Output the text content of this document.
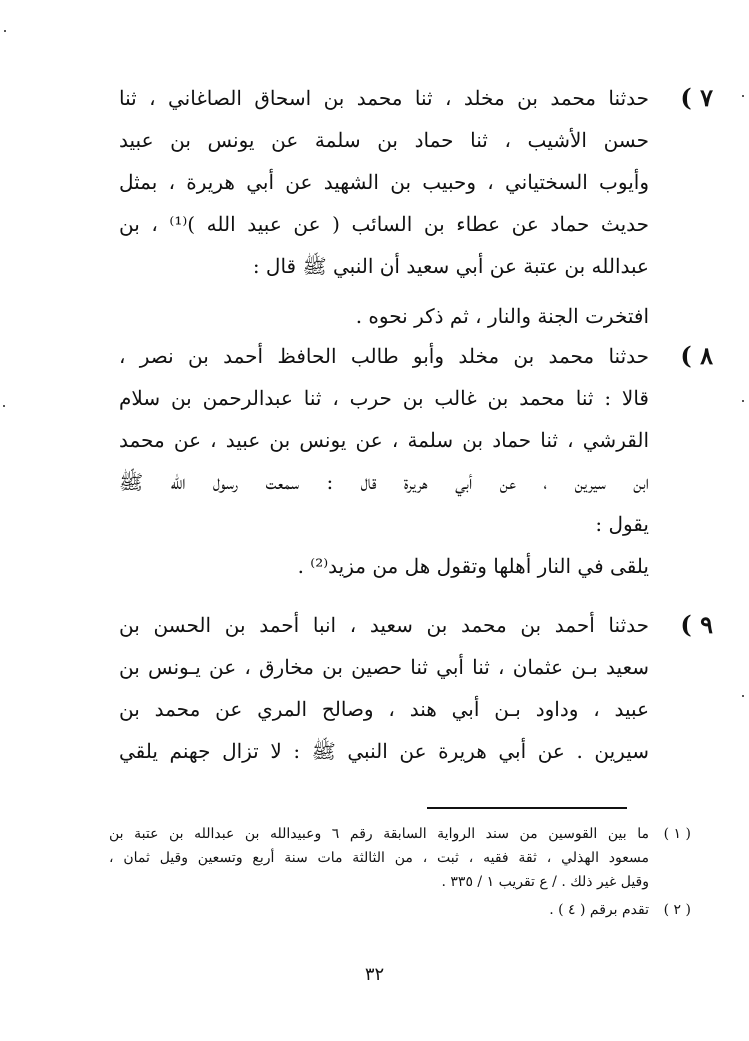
٧ )
حدثنا محمد بن مخلد ، ثنا محمد بن اسحاق الصاغاني ، ثنا
حسن الأشيب ، ثنا حماد بن سلمة عن يونس بن عبيد
وأيوب السختياني ، وحبيب بن الشهيد عن أبي هريرة ، بمثل
حديث حماد عن عطاء بن السائب ( عن عبيد الله )⁽¹⁾ ، بن
عبدالله بن عتبة عن أبي سعيد أن النبي ﷺ قال :
افتخرت الجنة والنار ، ثم ذكر نحوه .
٨ )
حدثنا محمد بن مخلد وأبو طالب الحافظ أحمد بن نصر ،
قالا : ثنا محمد بن غالب بن حرب ، ثنا عبدالرحمن بن سلام
القرشي ، ثنا حماد بن سلمة ، عن يونس بن عبيد ، عن محمد
ابن سيرين ، عن أبي هريرة قال : سمعت رسول الله ﷺ
يقول :
يلقى في النار أهلها وتقول هل من مزيد⁽²⁾ .
٩ )
حدثنا أحمد بن محمد بن سعيد ، انبا أحمد بن الحسن بن
سعيد بـن عثمان ، ثنا أبي ثنا حصين بن مخارق ، عن يـونس بن
عبيد ، وداود بـن أبي هند ، وصالح المري عن محمد بن
سيرين . عن أبي هريرة عن النبي ﷺ : لا تزال جهنم يلقي
( ١ )
ما بين القوسين من سند الرواية السابقة رقم ٦ وعبيدالله بن عبدالله بن عتبة بن
مسعود الهذلي ، ثقة فقيه ، ثبت ، من الثالثة مات سنة أربع وتسعين وقيل ثمان ،
وقيل غير ذلك . / ع تقريب ١ / ٣٣٥ .
( ٢ )
تقدم برقم ( ٤ ) .
٣٢
